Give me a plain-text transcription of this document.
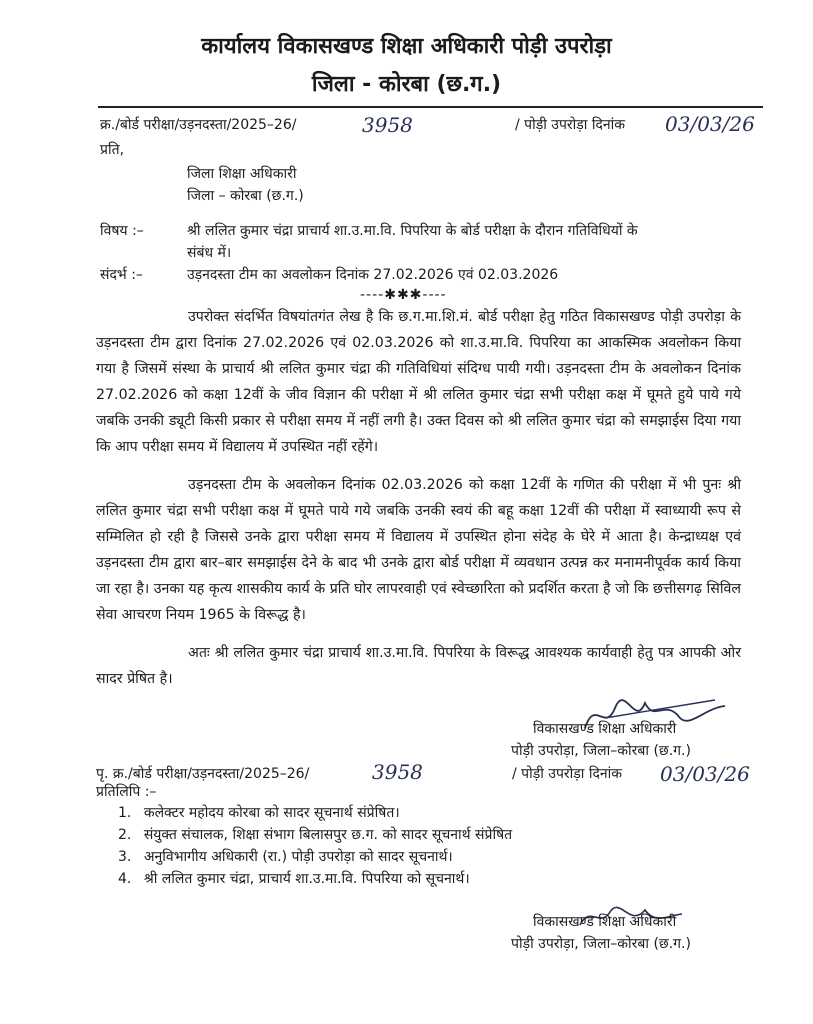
कार्यालय विकासखण्ड शिक्षा अधिकारी पोड़ी उपरोड़ा
जिला - कोरबा (छ.ग.)
क्र./बोर्ड परीक्षा/उड़नदस्ता/2025–26/	3958	/ पोड़ी उपरोड़ा दिनांक 03/03/26
प्रति,
जिला शिक्षा अधिकारी
जिला – कोरबा (छ.ग.)
विषय :–	श्री ललित कुमार चंद्रा प्राचार्य शा.उ.मा.वि. पिपरिया के बोर्ड परीक्षा के दौरान गतिविधियों के
संबंध में।
संदर्भ :–	उड़नदस्ता टीम का अवलोकन दिनांक 27.02.2026 एवं 02.03.2026
----✱✱✱----
उपरोक्त संदर्भित विषयांतगंत लेख है कि छ.ग.मा.शि.मं. बोर्ड परीक्षा हेतु गठित विकासखण्ड पोड़ी उपरोड़ा के उड़नदस्ता टीम द्वारा दिनांक 27.02.2026 एवं 02.03.2026 को शा.उ.मा.वि. पिपरिया का आकस्मिक अवलोकन किया गया है जिसमें संस्था के प्राचार्य श्री ललित कुमार चंद्रा की गतिविधियां संदिग्ध पायी गयी। उड़नदस्ता टीम के अवलोकन दिनांक 27.02.2026 को कक्षा 12वीं के जीव विज्ञान की परीक्षा में श्री ललित कुमार चंद्रा सभी परीक्षा कक्ष में घूमते हुये पाये गये जबकि उनकी ड्यूटी किसी प्रकार से परीक्षा समय में नहीं लगी है। उक्त दिवस को श्री ललित कुमार चंद्रा को समझाईस दिया गया कि आप परीक्षा समय में विद्यालय में उपस्थित नहीं रहेंगे।
उड़नदस्ता टीम के अवलोकन दिनांक 02.03.2026 को कक्षा 12वीं के गणित की परीक्षा में भी पुनः श्री ललित कुमार चंद्रा सभी परीक्षा कक्ष में घूमते पाये गये जबकि उनकी स्वयं की बहू कक्षा 12वीं की परीक्षा में स्वाध्यायी रूप से सम्मिलित हो रही है जिससे उनके द्वारा परीक्षा समय में विद्यालय में उपस्थित होना संदेह के घेरे में आता है। केन्द्राध्यक्ष एवं उड़नदस्ता टीम द्वारा बार–बार समझाईस देने के बाद भी उनके द्वारा बोर्ड परीक्षा में व्यवधान उत्पन्न कर मनामनीपूर्वक कार्य किया जा रहा है। उनका यह कृत्य शासकीय कार्य के प्रति घोर लापरवाही एवं स्वेच्छारिता को प्रदर्शित करता है जो कि छत्तीसगढ़ सिविल सेवा आचरण नियम 1965 के विरूद्ध है।
अतः श्री ललित कुमार चंद्रा प्राचार्य शा.उ.मा.वि. पिपरिया के विरूद्ध आवश्यक कार्यवाही हेतु पत्र आपकी ओर सादर प्रेषित है।
विकासखण्ड शिक्षा अधिकारी
पोड़ी उपरोड़ा, जिला–कोरबा (छ.ग.)
पृ. क्र./बोर्ड परीक्षा/उड़नदस्ता/2025–26/	3958	/ पोड़ी उपरोड़ा दिनांक 03/03/26
प्रतिलिपि :–
1. कलेक्टर महोदय कोरबा को सादर सूचनार्थ संप्रेषित।
2. संयुक्त संचालक, शिक्षा संभाग बिलासपुर छ.ग. को सादर सूचनार्थ संप्रेषित
3. अनुविभागीय अधिकारी (रा.) पोड़ी उपरोड़ा को सादर सूचनार्थ।
4. श्री ललित कुमार चंद्रा, प्राचार्य शा.उ.मा.वि. पिपरिया को सूचनार्थ।
विकासखण्ड शिक्षा अधिकारी
पोड़ी उपरोड़ा, जिला–कोरबा (छ.ग.)
